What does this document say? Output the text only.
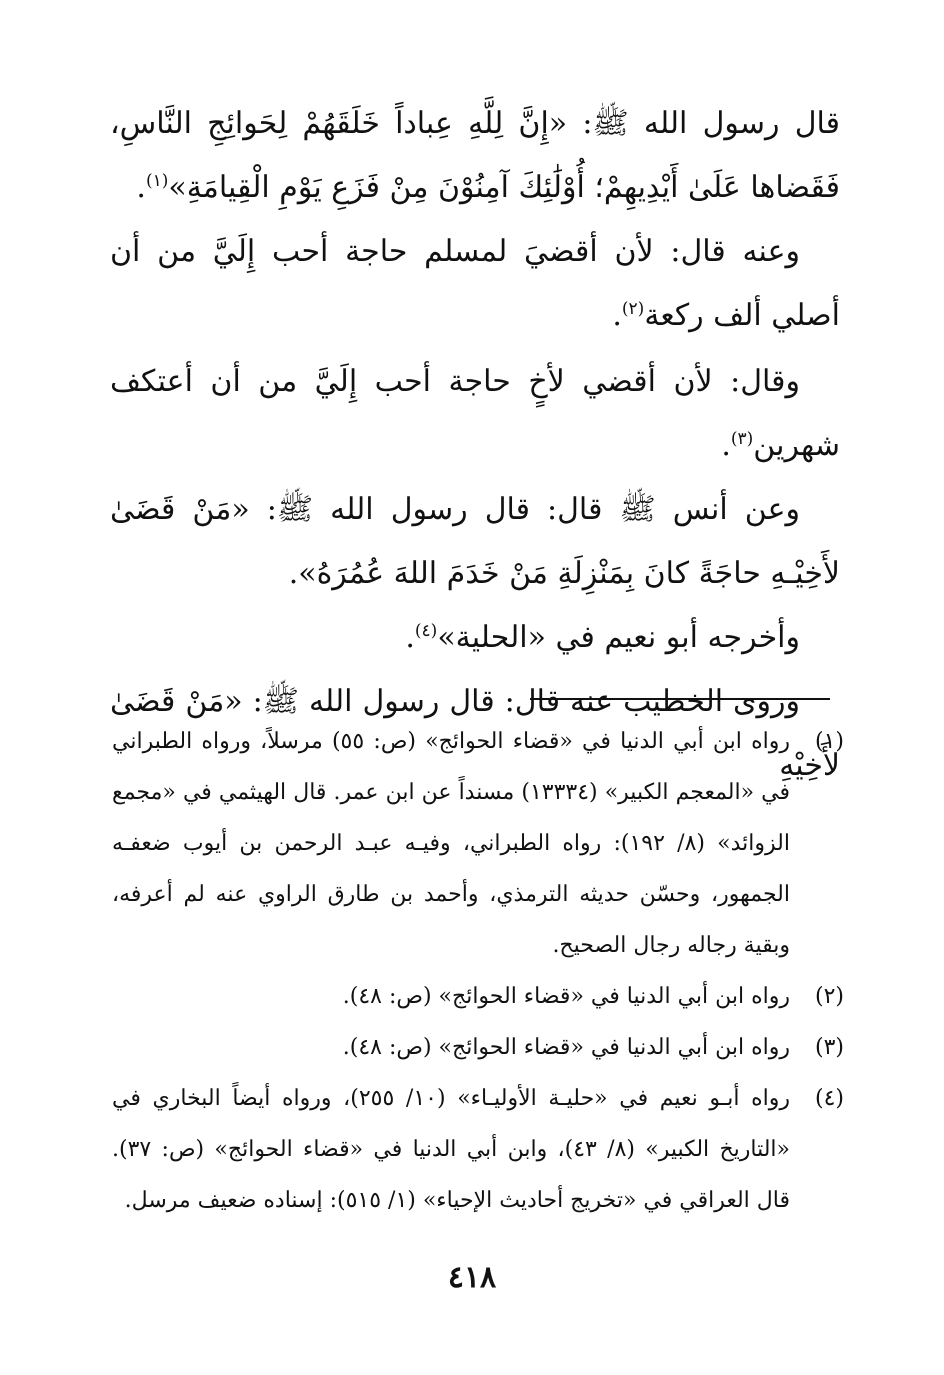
قال رسول الله ﷺ: «إِنَّ لِلَّهِ عِباداً خَلَقَهُمْ لِحَوائِجِ النَّاسِ، فَقَضاها عَلَىٰ أَيْدِيهِمْ؛ أُوْلَٰئِكَ آمِنُوْنَ مِنْ فَزَعِ يَوْمِ الْقِيامَةِ»$^{(١)}$.

وعنه قال: لأن أقضيَ لمسلم حاجة أحب إِلَيَّ من أن أصلي ألف ركعة$^{(٢)}$.

وقال: لأن أقضي لأخٍ حاجة أحب إِلَيَّ من أن أعتكف شهرين$^{(٣)}$.

وعن أنس ﷺ قال: قال رسول الله ﷺ: «مَنْ قَضَىٰ لأَخِيْـهِ حاجَةً كانَ بِمَنْزِلَةِ مَنْ خَدَمَ اللهَ عُمُرَهُ».

وأخرجه أبو نعيم في «الحلية»$^{(٤)}$.

وروى الخطيب عنه قال: قال رسول الله ﷺ: «مَنْ قَضَىٰ لأَخِيْهِ

(١)
رواه ابن أبي الدنيا في «قضاء الحوائج» (ص: ٥٥) مرسلاً، ورواه الطبراني في «المعجم الكبير» (١٣٣٣٤) مسنداً عن ابن عمر. قال الهيثمي في «مجمع الزوائد» (٨/ ١٩٢): رواه الطبراني، وفيـه عبـد الرحمن بن أيوب ضعفـه الجمهور، وحسّن حديثه الترمذي، وأحمد بن طارق الراوي عنه لم أعرفه، وبقية رجاله رجال الصحيح.
(٢)
رواه ابن أبي الدنيا في «قضاء الحوائج» (ص: ٤٨).
(٣)
رواه ابن أبي الدنيا في «قضاء الحوائج» (ص: ٤٨).
(٤)
رواه أبـو نعيم في «حليـة الأوليـاء» (١٠/ ٢٥٥)، ورواه أيضاً البخاري في «التاريخ الكبير» (٨/ ٤٣)، وابن أبي الدنيا في «قضاء الحوائج» (ص: ٣٧). قال العراقي في «تخريج أحاديث الإحياء» (١/ ٥١٥): إسناده ضعيف مرسل.
٤١٨
